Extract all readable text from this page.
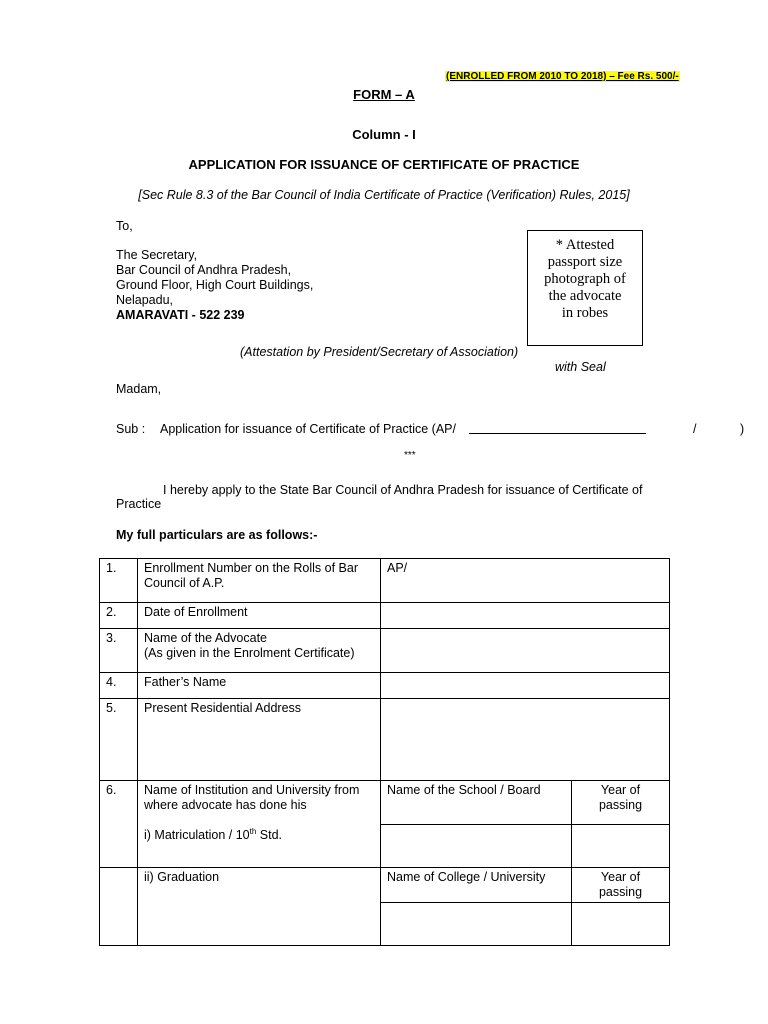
(ENROLLED FROM 2010 TO 2018) – Fee Rs. 500/-
FORM – A
Column - I
APPLICATION FOR ISSUANCE OF CERTIFICATE OF PRACTICE
[Sec Rule 8.3 of the Bar Council of India Certificate of Practice (Verification) Rules, 2015]
To,
The Secretary,
Bar Council of Andhra Pradesh,
Ground Floor, High Court Buildings,
Nelapadu,
AMARAVATI - 522 239
* Attested
passport size
photograph of
the advocate
in robes
(Attestation by President/Secretary of Association)
with Seal
Madam,
Sub : Application for issuance of Certificate of Practice (AP/	/	)
***
I hereby apply to the State Bar Council of Andhra Pradesh for issuance of Certificate of
Practice
My full particulars are as follows:-
1.	Enrollment Number on the Rolls of Bar Council of A.P.	AP/	
2.	Date of Enrollment		
3.	Name of the Advocate
(As given in the Enrolment Certificate)		

4.	Father’s Name		
5.	Present Residential Address		
6.	Name of Institution and University from where advocate has done his
i) Matriculation / 10th Std.	Name of the School / Board	Year of passing

	ii) Graduation	Name of College / University	Year of passing
